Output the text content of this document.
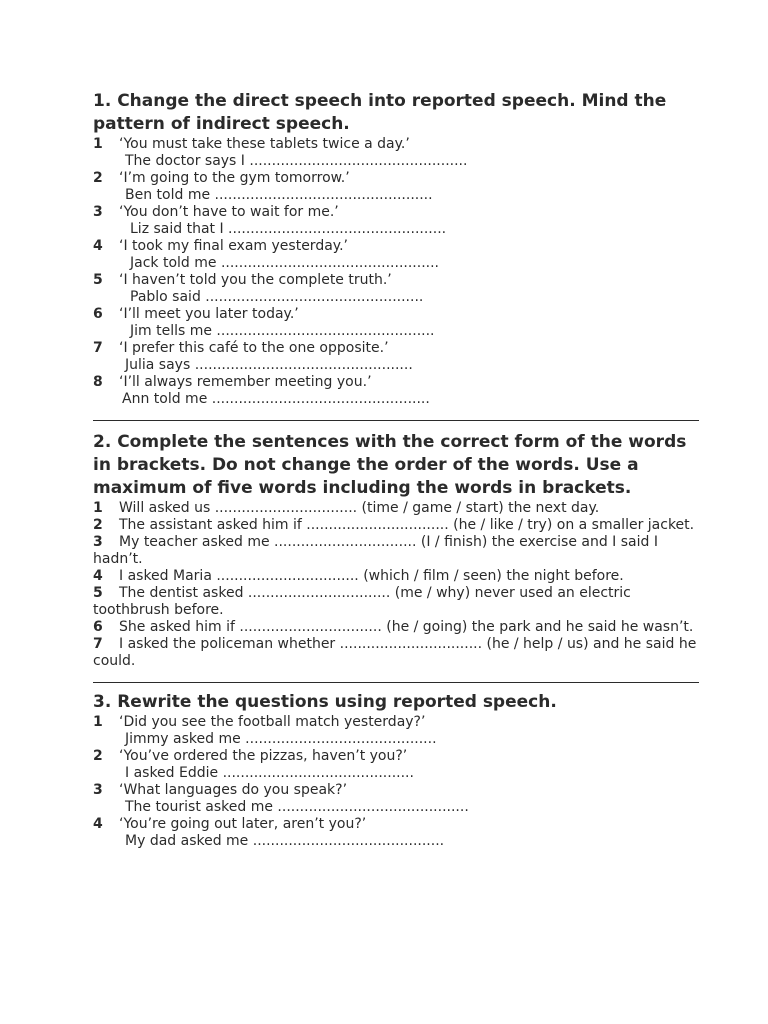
1. Change the direct speech into reported speech. Mind the pattern of indirect speech.

1 ‘You must take these tablets twice a day.’
The doctor says I .................................................
2 ‘I’m going to the gym tomorrow.’
Ben told me .................................................
3 ‘You don’t have to wait for me.’
Liz said that I .................................................
4 ‘I took my final exam yesterday.’
Jack told me .................................................
5 ‘I haven’t told you the complete truth.’
Pablo said .................................................
6 ‘I’ll meet you later today.’
Jim tells me .................................................
7 ‘I prefer this café to the one opposite.’
Julia says .................................................
8 ‘I’ll always remember meeting you.’
Ann told me .................................................

2. Complete the sentences with the correct form of the words in brackets. Do not change the order of the words. Use a maximum of five words including the words in brackets.

1 Will asked us ................................ (time / game / start) the next day.
2 The assistant asked him if ................................ (he / like / try) on a smaller jacket.
3 My teacher asked me ................................ (I / finish) the exercise and I said I hadn’t.
4 I asked Maria ................................ (which / film / seen) the night before.
5 The dentist asked ................................ (me / why) never used an electric toothbrush before.
6 She asked him if ................................ (he / going) the park and he said he wasn’t.
7 I asked the policeman whether ................................ (he / help / us) and he said he could.

3. Rewrite the questions using reported speech.

1 ‘Did you see the football match yesterday?’
Jimmy asked me ...........................................
2 ‘You’ve ordered the pizzas, haven’t you?’
I asked Eddie ...........................................
3 ‘What languages do you speak?’
The tourist asked me ...........................................
4 ‘You’re going out later, aren’t you?’
My dad asked me ...........................................
